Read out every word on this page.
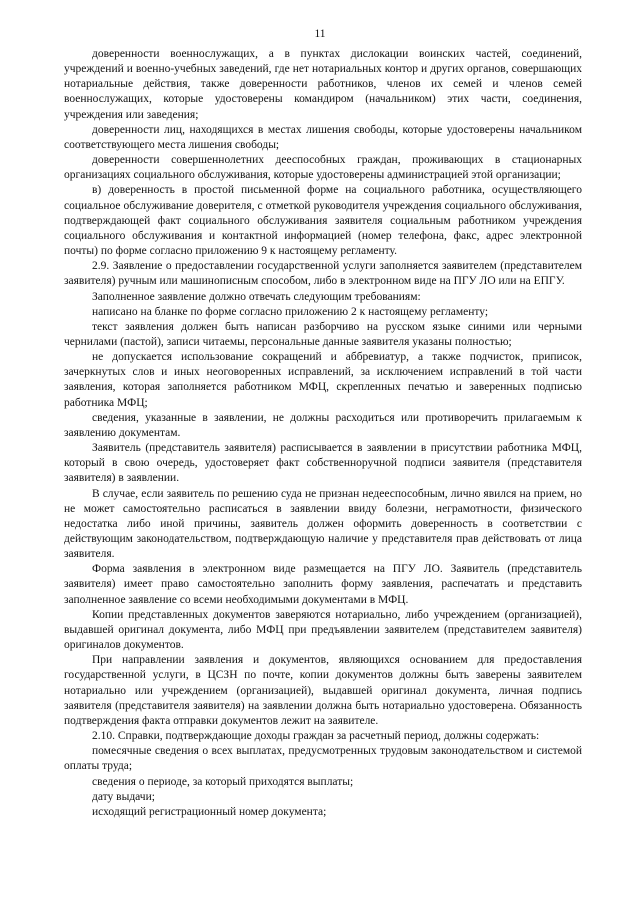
11

доверенности военнослужащих, а в пунктах дислокации воинских частей, соединений, учреждений и военно-учебных заведений, где нет нотариальных контор и других органов, совершающих нотариальные действия, также доверенности работников, членов их семей и членов семей военнослужащих, которые удостоверены командиром (начальником) этих части, соединения, учреждения или заведения;

доверенности лиц, находящихся в местах лишения свободы, которые удостоверены начальником соответствующего места лишения свободы;

доверенности совершеннолетних дееспособных граждан, проживающих в стационарных организациях социального обслуживания, которые удостоверены администрацией этой организации;

в) доверенность в простой письменной форме на социального работника, осуществляющего социальное обслуживание доверителя, с отметкой руководителя учреждения социального обслуживания, подтверждающей факт социального обслуживания заявителя социальным работником учреждения социального обслуживания и контактной информацией (номер телефона, факс, адрес электронной почты) по форме согласно приложению 9 к настоящему регламенту.

2.9. Заявление о предоставлении государственной услуги заполняется заявителем (представителем заявителя) ручным или машинописным способом, либо в электронном виде на ПГУ ЛО или на ЕПГУ.

Заполненное заявление должно отвечать следующим требованиям:

написано на бланке по форме согласно приложению 2 к настоящему регламенту;

текст заявления должен быть написан разборчиво на русском языке синими или черными чернилами (пастой), записи читаемы, персональные данные заявителя указаны полностью;

не допускается использование сокращений и аббревиатур, а также подчисток, приписок, зачеркнутых слов и иных неоговоренных исправлений, за исключением исправлений в той части заявления, которая заполняется работником МФЦ, скрепленных печатью и заверенных подписью работника МФЦ;

сведения, указанные в заявлении, не должны расходиться или противоречить прилагаемым к заявлению документам.

Заявитель (представитель заявителя) расписывается в заявлении в присутствии работника МФЦ, который в свою очередь, удостоверяет факт собственноручной подписи заявителя (представителя заявителя) в заявлении.

В случае, если заявитель по решению суда не признан недееспособным, лично явился на прием, но не может самостоятельно расписаться в заявлении ввиду болезни, неграмотности, физического недостатка либо иной причины, заявитель должен оформить доверенность в соответствии с действующим законодательством, подтверждающую наличие у представителя прав действовать от лица заявителя.

Форма заявления в электронном виде размещается на ПГУ ЛО. Заявитель (представитель заявителя) имеет право самостоятельно заполнить форму заявления, распечатать и представить заполненное заявление со всеми необходимыми документами в МФЦ.

Копии представленных документов заверяются нотариально, либо учреждением (организацией), выдавшей оригинал документа, либо МФЦ при предъявлении заявителем (представителем заявителя) оригиналов документов.

При направлении заявления и документов, являющихся основанием для предоставления государственной услуги, в ЦСЗН по почте, копии документов должны быть заверены заявителем нотариально или учреждением (организацией), выдавшей оригинал документа, личная подпись заявителя (представителя заявителя) на заявлении должна быть нотариально удостоверена. Обязанность подтверждения факта отправки документов лежит на заявителе.

2.10. Справки, подтверждающие доходы граждан за расчетный период, должны содержать:

помесячные сведения о всех выплатах, предусмотренных трудовым законодательством и системой оплаты труда;

сведения о периоде, за который приходятся выплаты;

дату выдачи;

исходящий регистрационный номер документа;
